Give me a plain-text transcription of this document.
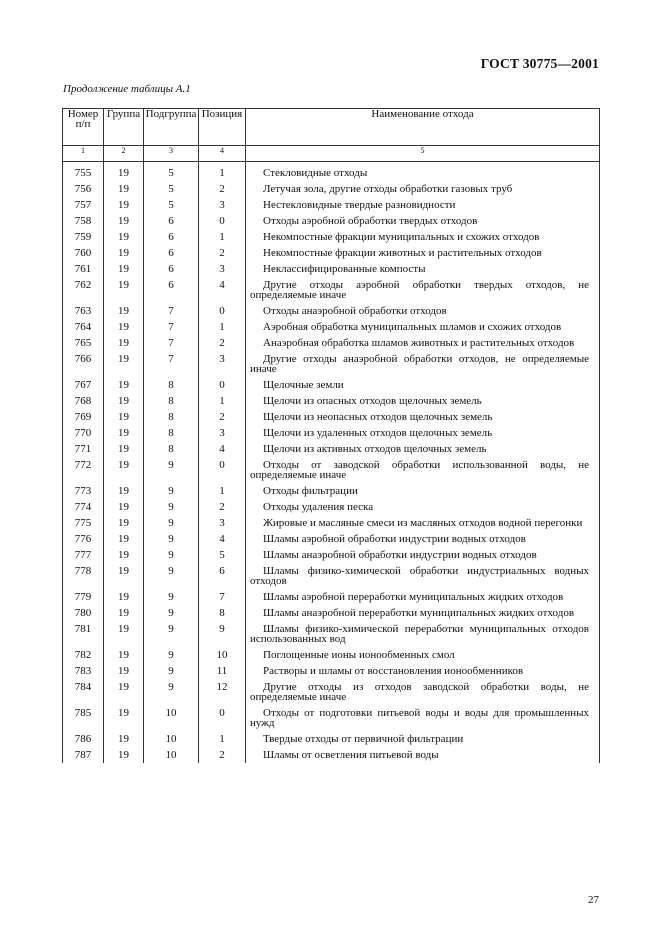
ГОСТ 30775—2001
Продолжение таблицы А.1
Номер п/п	Группа	Подгруппа	Позиция	Наименование отхода
1	2	3	4	5
755	19	5	1	Стекловидные отходы
756	19	5	2	Летучая зола, другие отходы обработки газовых труб
757	19	5	3	Нестекловидные твердые разновидности
758	19	6	0	Отходы аэробной обработки твердых отходов
759	19	6	1	Некомпостные фракции муниципальных и схожих отходов
760	19	6	2	Некомпостные фракции животных и растительных отходов
761	19	6	3	Неклассифицированные компосты
762	19	6	4	Другие отходы аэробной обработки твердых отходов, не определяемые иначе
763	19	7	0	Отходы анаэробной обработки отходов
764	19	7	1	Аэробная обработка муниципальных шламов и схожих отходов
765	19	7	2	Анаэробная обработка шламов животных и растительных отходов
766	19	7	3	Другие отходы анаэробной обработки отходов, не определяемые иначе
767	19	8	0	Щелочные земли
768	19	8	1	Щелочи из опасных отходов щелочных земель
769	19	8	2	Щелочи из неопасных отходов щелочных земель
770	19	8	3	Щелочи из удаленных отходов щелочных земель
771	19	8	4	Щелочи из активных отходов щелочных земель
772	19	9	0	Отходы от заводской обработки использованной воды, не определяемые иначе
773	19	9	1	Отходы фильтрации
774	19	9	2	Отходы удаления песка
775	19	9	3	Жировые и масляные смеси из масляных отходов водной перегонки
776	19	9	4	Шламы аэробной обработки индустрии водных отходов
777	19	9	5	Шламы анаэробной обработки индустрии водных отходов
778	19	9	6	Шламы физико-химической обработки индустриальных водных отходов
779	19	9	7	Шламы аэробной переработки муниципальных жидких отходов
780	19	9	8	Шламы анаэробной переработки муниципальных жидких отходов
781	19	9	9	Шламы физико-химической переработки муниципальных отходов использованных вод
782	19	9	10	Поглощенные ионы ионообменных смол
783	19	9	11	Растворы и шламы от восстановления ионообменников
784	19	9	12	Другие отходы из отходов заводской обработки воды, не определяемые иначе
785	19	10	0	Отходы от подготовки питьевой воды и воды для промышленных нужд
786	19	10	1	Твердые отходы от первичной фильтрации
787	19	10	2	Шламы от осветления питьевой воды
27
